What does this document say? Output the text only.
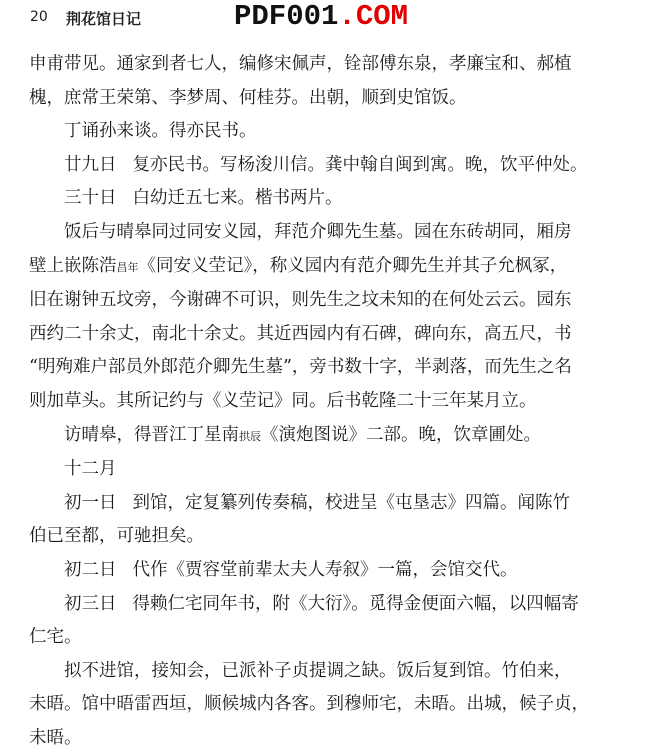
20 荆花馆日记	PDF001.COM

申甫带见。通家到者七人，编修宋佩声，铨部傅东泉，孝廉宝和、郝植

槐，庶常王荣第、李梦周、何桂芬。出朝，顺到史馆饭。

丁诵孙来谈。得亦民书。

廿九日 复亦民书。写杨浚川信。龚中翰自闽到寓。晚，饮平仲处。

三十日 白幼迁五七来。楷书两片。

饭后与晴皋同过同安义园，拜范介卿先生墓。园在东砖胡同，厢房

壁上嵌陈浩昌年《同安义茔记》，称义园内有范介卿先生并其子允枫冢，

旧在谢钟五坟旁，今谢碑不可识，则先生之坟未知的在何处云云。园东

西约二十余丈，南北十余丈。其近西园内有石碑，碑向东，高五尺，书

“明殉难户部员外郎范介卿先生墓”，旁书数十字，半剥落，而先生之名

则加草头。其所记约与《义茔记》同。后书乾隆二十三年某月立。

访晴皋，得晋江丁星南拱辰《演炮图说》二部。晚，饮章圃处。

十二月

初一日 到馆，定复纂列传奏稿，校进呈《屯垦志》四篇。闻陈竹

伯已至都，可驰担矣。

初二日 代作《贾容堂前辈太夫人寿叙》一篇，会馆交代。

初三日 得赖仁宅同年书，附《大衍》。觅得金便面六幅，以四幅寄

仁宅。

拟不进馆，接知会，已派补子贞提调之缺。饭后复到馆。竹伯来，

未晤。馆中晤雷西垣，顺候城内各客。到穆师宅，未晤。出城，候子贞，

未晤。
